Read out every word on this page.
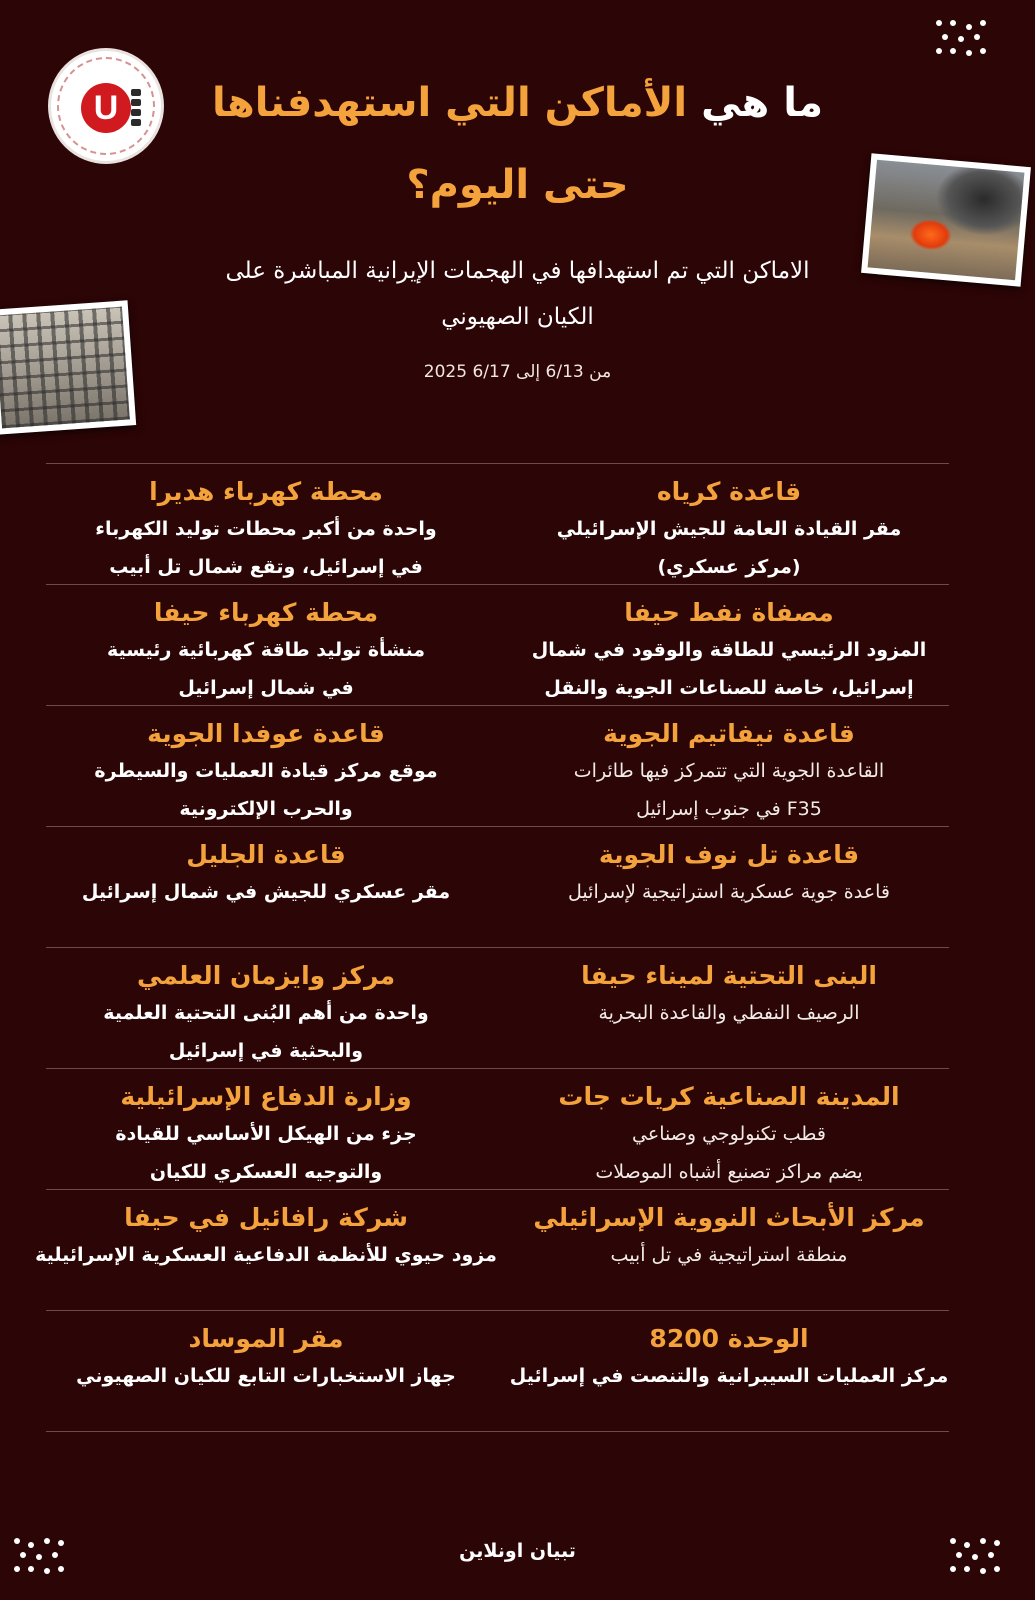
U	ما هي الأماكن التي استهدفناها
حتى اليوم؟
الاماكن التي تم استهدافها في الهجمات الإيرانية المباشرة على
الكيان الصهيوني
من 6/13 إلى 6/17 2025
قاعدة كرياه

مقر القيادة العامة للجيش الإسرائيلي

(مركز عسكري)

محطة كهرباء هديرا

واحدة من أكبر محطات توليد الكهرباء

في إسرائيل، وتقع شمال تل أبيب

مصفاة نفط حيفا

المزود الرئيسي للطاقة والوقود في شمال

إسرائيل، خاصة للصناعات الجوية والنقل

محطة كهرباء حيفا

منشأة توليد طاقة كهربائية رئيسية

في شمال إسرائيل

قاعدة نيفاتيم الجوية

القاعدة الجوية التي تتمركز فيها طائرات

F35 في جنوب إسرائيل

قاعدة عوفدا الجوية

موقع مركز قيادة العمليات والسيطرة

والحرب الإلكترونية

قاعدة تل نوف الجوية

قاعدة جوية عسكرية استراتيجية لإسرائيل

قاعدة الجليل

مقر عسكري للجيش في شمال إسرائيل

البنى التحتية لميناء حيفا

الرصيف النفطي والقاعدة البحرية

مركز وايزمان العلمي

واحدة من أهم البُنى التحتية العلمية

والبحثية في إسرائيل

المدينة الصناعية كريات جات

قطب تكنولوجي وصناعي

يضم مراكز تصنيع أشباه الموصلات

وزارة الدفاع الإسرائيلية

جزء من الهيكل الأساسي للقيادة

والتوجيه العسكري للكيان

مركز الأبحاث النووية الإسرائيلي

منطقة استراتيجية في تل أبيب

شركة رافائيل في حيفا

مزود حيوي للأنظمة الدفاعية العسكرية الإسرائيلية

الوحدة 8200

مركز العمليات السيبرانية والتنصت في إسرائيل

مقر الموساد

جهاز الاستخبارات التابع للكيان الصهيوني

تبيان اونلاين
